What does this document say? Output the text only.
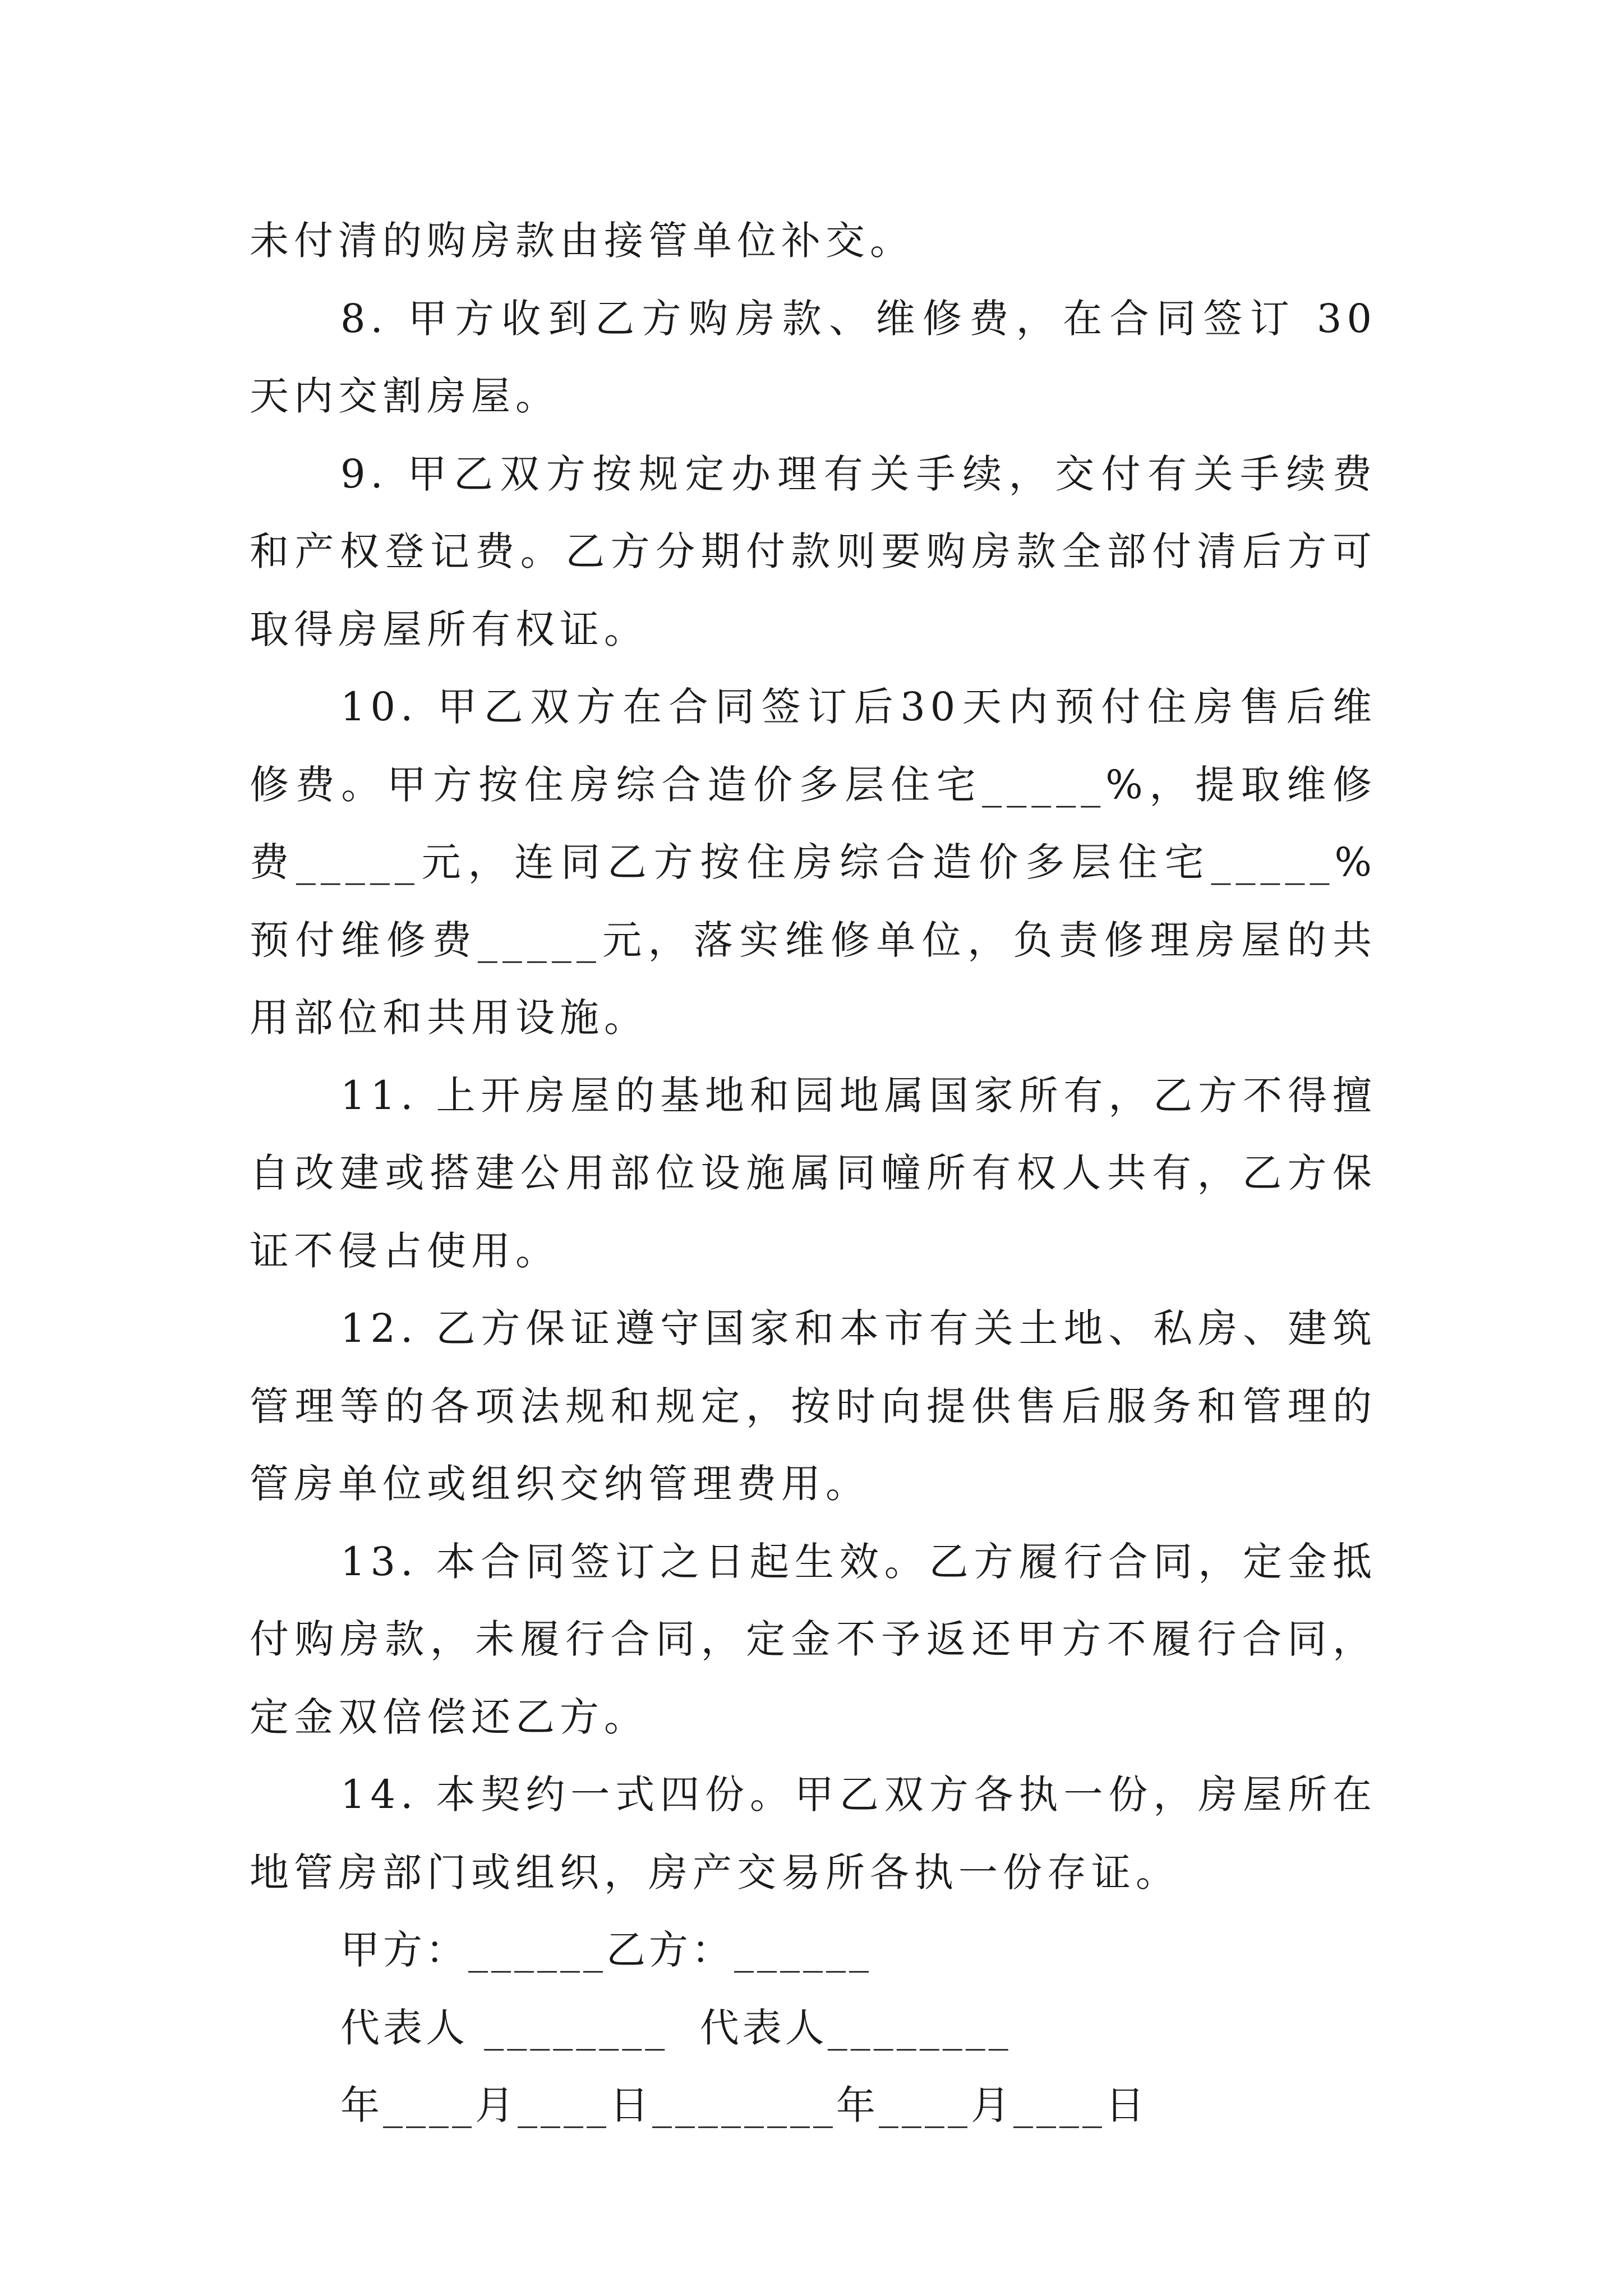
未付清的购房款由接管单位补交。

8. 甲方收到乙方购房款、维修费，在合同签订 30 天内交割房屋。

9. 甲乙双方按规定办理有关手续，交付有关手续费和产权登记费。乙方分期付款则要购房款全部付清后方可取得房屋所有权证。

10. 甲乙双方在合同签订后30天内预付住房售后维修费。甲方按住房综合造价多层住宅_____%，提取维修费_____元，连同乙方按住房综合造价多层住宅_____%预付维修费_____元，落实维修单位，负责修理房屋的共用部位和共用设施。

11. 上开房屋的基地和园地属国家所有，乙方不得擅自改建或搭建公用部位设施属同幢所有权人共有，乙方保证不侵占使用。

12. 乙方保证遵守国家和本市有关土地、私房、建筑管理等的各项法规和规定，按时向提供售后服务和管理的管房单位或组织交纳管理费用。

13. 本合同签订之日起生效。乙方履行合同，定金抵付购房款，未履行合同，定金不予返还甲方不履行合同，定金双倍偿还乙方。

14. 本契约一式四份。甲乙双方各执一份，房屋所在地管房部门或组织，房产交易所各执一份存证。

甲方：______乙方：______

代表人 ________  代表人________

年____月____日________年____月____日
